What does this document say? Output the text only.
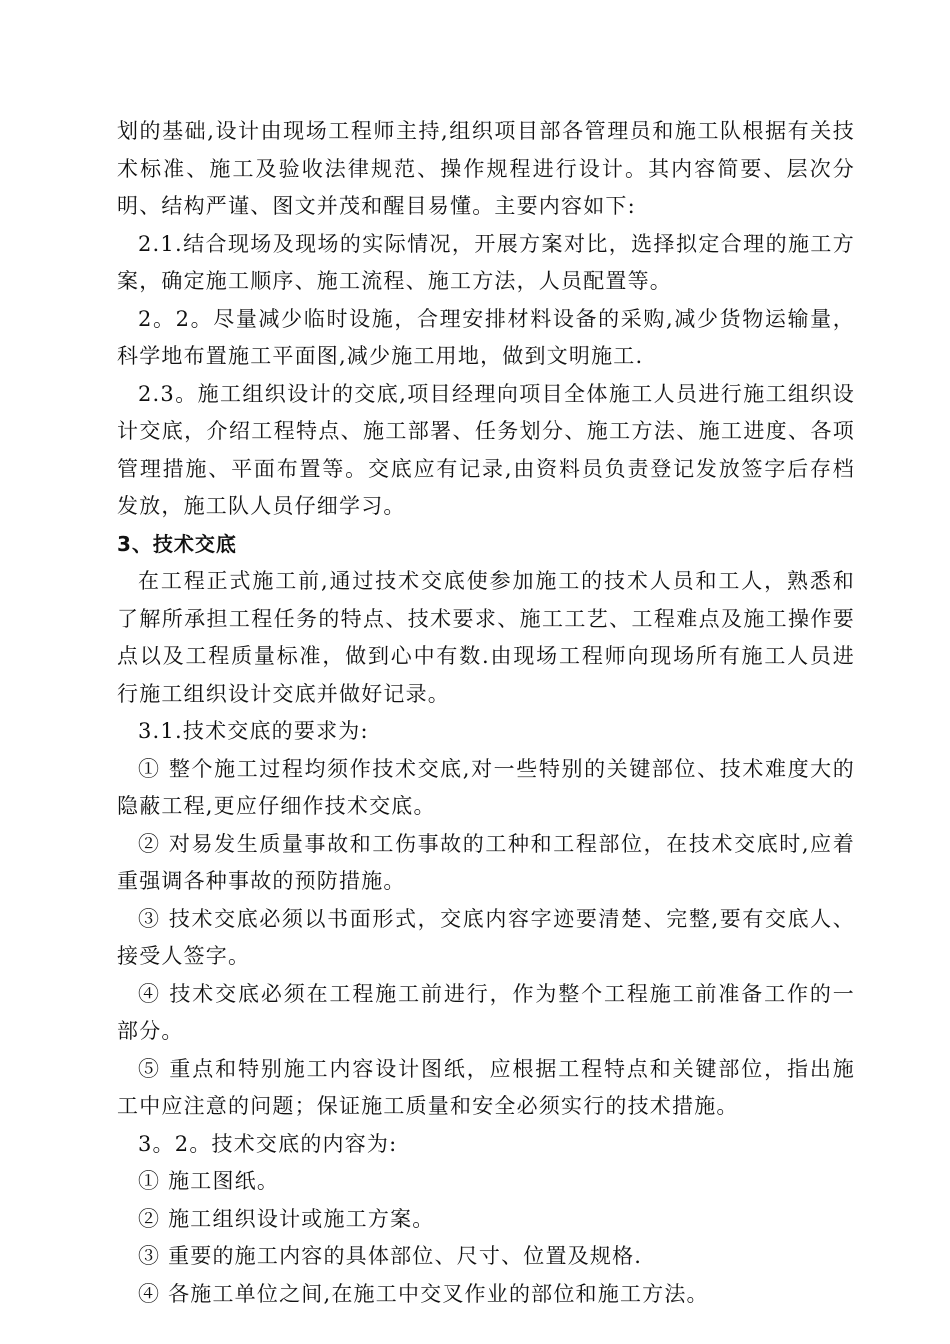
划的基础,设计由现场工程师主持,组织项目部各管理员和施工队根据有关技术标准、施工及验收法律规范、操作规程进行设计。其内容简要、层次分明、结构严谨、图文并茂和醒目易懂。主要内容如下:

2.1.结合现场及现场的实际情况，开展方案对比，选择拟定合理的施工方案，确定施工顺序、施工流程、施工方法，人员配置等。

2。2。尽量减少临时设施，合理安排材料设备的采购,减少货物运输量，科学地布置施工平面图,减少施工用地，做到文明施工.

2.3。施工组织设计的交底,项目经理向项目全体施工人员进行施工组织设计交底，介绍工程特点、施工部署、任务划分、施工方法、施工进度、各项管理措施、平面布置等。交底应有记录,由资料员负责登记发放签字后存档发放，施工队人员仔细学习。

3、技术交底

在工程正式施工前,通过技术交底使参加施工的技术人员和工人，熟悉和了解所承担工程任务的特点、技术要求、施工工艺、工程难点及施工操作要点以及工程质量标准，做到心中有数.由现场工程师向现场所有施工人员进行施工组织设计交底并做好记录。

3.1.技术交底的要求为:

① 整个施工过程均须作技术交底,对一些特别的关键部位、技术难度大的隐蔽工程,更应仔细作技术交底。

② 对易发生质量事故和工伤事故的工种和工程部位，在技术交底时,应着重强调各种事故的预防措施。

③ 技术交底必须以书面形式，交底内容字迹要清楚、完整,要有交底人、接受人签字。

④ 技术交底必须在工程施工前进行，作为整个工程施工前准备工作的一部分。

⑤ 重点和特别施工内容设计图纸，应根据工程特点和关键部位，指出施工中应注意的问题；保证施工质量和安全必须实行的技术措施。

3。2。技术交底的内容为:

① 施工图纸。

② 施工组织设计或施工方案。

③ 重要的施工内容的具体部位、尺寸、位置及规格.

④ 各施工单位之间,在施工中交叉作业的部位和施工方法。
